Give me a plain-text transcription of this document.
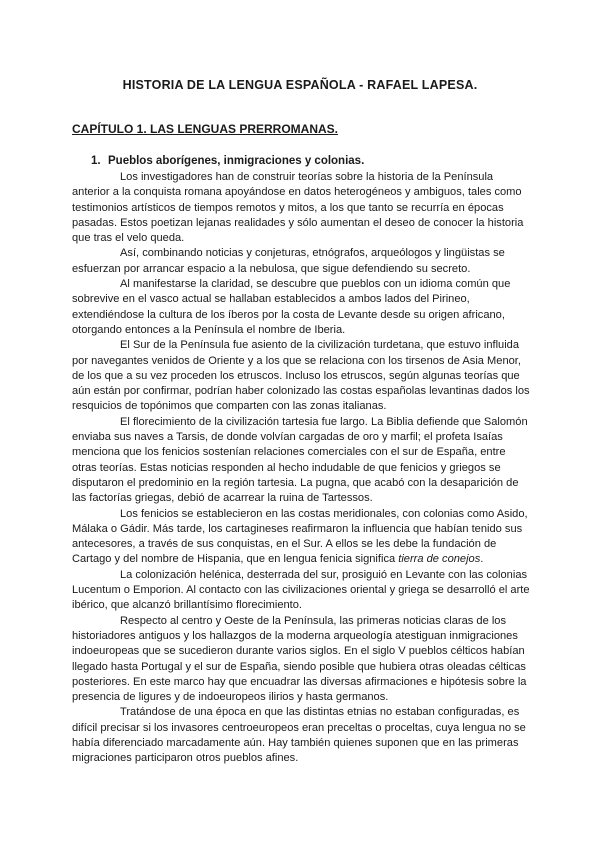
HISTORIA DE LA LENGUA ESPAÑOLA - RAFAEL LAPESA.
CAPÍTULO 1. LAS LENGUAS PRERROMANAS.
1. Pueblos aborígenes, inmigraciones y colonias.

Los investigadores han de construir teorías sobre la historia de la Península anterior a la conquista romana apoyándose en datos heterogéneos y ambiguos, tales como testimonios artísticos de tiempos remotos y mitos, a los que tanto se recurría en épocas pasadas. Estos poetizan lejanas realidades y sólo aumentan el deseo de conocer la historia que tras el velo queda.

Así, combinando noticias y conjeturas, etnógrafos, arqueólogos y lingüistas se esfuerzan por arrancar espacio a la nebulosa, que sigue defendiendo su secreto.

Al manifestarse la claridad, se descubre que pueblos con un idioma común que sobrevive en el vasco actual se hallaban establecidos a ambos lados del Pirineo, extendiéndose la cultura de los íberos por la costa de Levante desde su origen africano, otorgando entonces a la Península el nombre de Iberia.

El Sur de la Península fue asiento de la civilización turdetana, que estuvo influida por navegantes venidos de Oriente y a los que se relaciona con los tirsenos de Asia Menor, de los que a su vez proceden los etruscos. Incluso los etruscos, según algunas teorías que aún están por confirmar, podrían haber colonizado las costas españolas levantinas dados los resquicios de topónimos que comparten con las zonas italianas.

El florecimiento de la civilización tartesia fue largo. La Biblia defiende que Salomón enviaba sus naves a Tarsis, de donde volvían cargadas de oro y marfil; el profeta Isaías menciona que los fenicios sostenían relaciones comerciales con el sur de España, entre otras teorías. Estas noticias responden al hecho indudable de que fenicios y griegos se disputaron el predominio en la región tartesia. La pugna, que acabó con la desaparición de las factorías griegas, debió de acarrear la ruina de Tartessos.

Los fenicios se establecieron en las costas meridionales, con colonias como Asido, Málaka o Gádir. Más tarde, los cartagineses reafirmaron la influencia que habían tenido sus antecesores, a través de sus conquistas, en el Sur. A ellos se les debe la fundación de Cartago y del nombre de Hispania, que en lengua fenicia significa tierra de conejos.

La colonización helénica, desterrada del sur, prosiguió en Levante con las colonias Lucentum o Emporion. Al contacto con las civilizaciones oriental y griega se desarrolló el arte ibérico, que alcanzó brillantísimo florecimiento.

Respecto al centro y Oeste de la Península, las primeras noticias claras de los historiadores antiguos y los hallazgos de la moderna arqueología atestiguan inmigraciones indoeuropeas que se sucedieron durante varios siglos. En el siglo V pueblos célticos habían llegado hasta Portugal y el sur de España, siendo posible que hubiera otras oleadas célticas posteriores. En este marco hay que encuadrar las diversas afirmaciones e hipótesis sobre la presencia de ligures y de indoeuropeos ilirios y hasta germanos.

Tratándose de una época en que las distintas etnias no estaban configuradas, es difícil precisar si los invasores centroeuropeos eran preceltas o proceltas, cuya lengua no se había diferenciado marcadamente aún. Hay también quienes suponen que en las primeras migraciones participaron otros pueblos afines.
